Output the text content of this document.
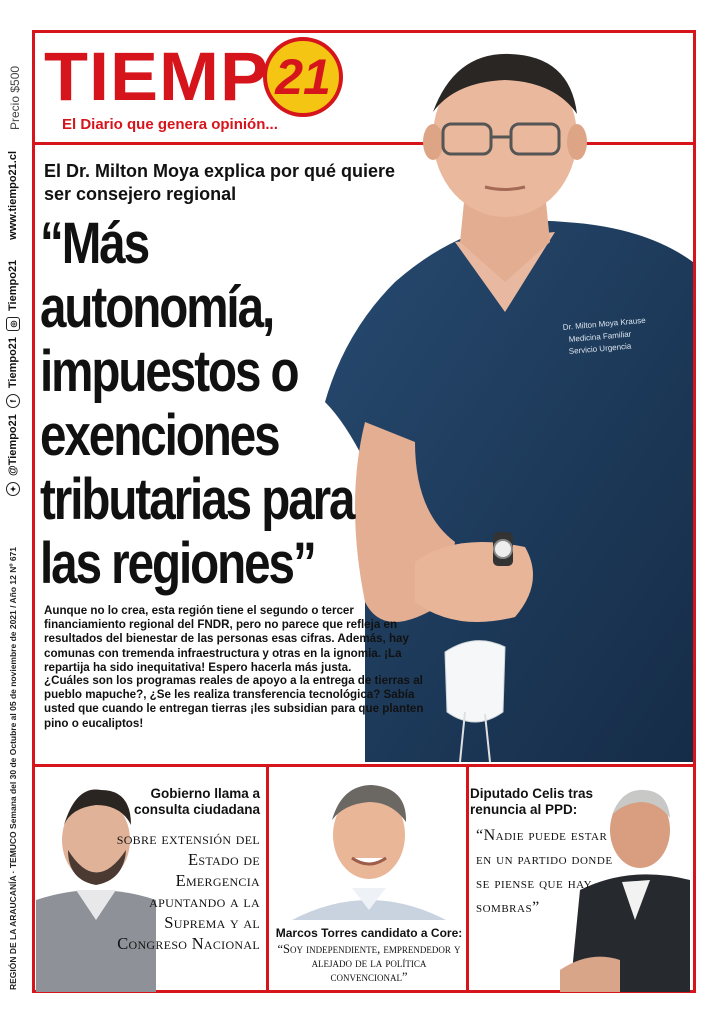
Precio $500
✦
@Tiempo21
f
Tiempo21
◎
Tiempo21
www.tiempo21.cl
REGIÓN DE LA ARAUCANÍA · TEMUCO Semana del 30 de Octubre al 05 de noviembre de 2021 / Año 12 Nº 671
TIEMP 21
El Diario que genera opinión...
Dr. Milton Moya Krause
Medicina Familiar
Servicio Urgencia
El Dr. Milton Moya explica por qué quiere ser consejero regional
“Más autonomía, impuestos o exenciones tributarias para las regiones”
Aunque no lo crea, esta región tiene el segundo o tercer financiamiento regional del FNDR, pero no parece que refleja en resultados del bienestar de las personas esas cifras. Además, hay comunas con tremenda infraestructura y otras en la ignomia. ¡La repartija ha sido inequitativa! Espero hacerla más justa.
¿Cuáles son los programas reales de apoyo a la entrega de tierras al pueblo mapuche?, ¿Se les realiza transferencia tecnológica? Sabía usted que cuando le entregan tierras ¡les subsidian para que planten pino o eucaliptos!
Gobierno llama a consulta ciudadana
sobre extensión del Estado de Emergencia apuntando a la Suprema y al Congreso Nacional
Marcos Torres candidato a Core:
“Soy independiente, emprendedor y alejado de la política convencional”
Diputado Celis tras renuncia al PPD:
“Nadie puede estar en un partido donde se piense que hay sombras”
